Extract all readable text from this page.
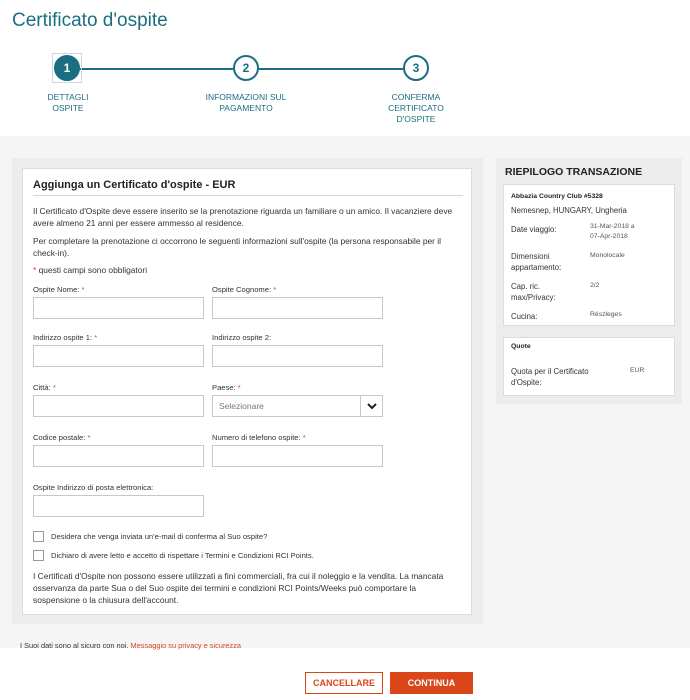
Certificato d'ospite
1	2	3
DETTAGLI
OSPITE
INFORMAZIONI SUL
PAGAMENTO
CONFERMA
CERTIFICATO
D'OSPITE
Aggiunga un Certificato d'ospite - EUR

Il Certificato d'Ospite deve essere inserito se la prenotazione riguarda un familiare o un amico. Il vacanziere deve avere almeno 21 anni per essere ammesso al residence.

Per completare la prenotazione ci occorrono le seguenti informazioni sull'ospite (la persona responsabile per il check-in).

* questi campi sono obbligatori
Ospite Nome: *	Ospite Cognome: *
Indirizzo ospite 1: *	Indirizzo ospite 2:
Città: *	Paese: *
Selezionare
Codice postale: *	Numero di telefono ospite: *
Ospite Indirizzo di posta elettronica:
Desidera che venga inviata un'e-mail di conferma al Suo ospite?
Dichiaro di avere letto e accetto di rispettare i Termini e Condizioni RCI Points.

I Certificati d'Ospite non possono essere utilizzati a fini commerciali, fra cui il noleggio e la vendita. La mancata osservanza da parte Sua o del Suo ospite dei termini e condizioni RCI Points/Weeks può comportare la sospensione o la chiusura dell'account.

I Suoi dati sono al sicuro con noi. Messaggio su privacy e sicurezza
CANCELLARE	CONTINUA
RIEPILOGO TRANSAZIONE
Abbazia Country Club #5328
Nemesnep, HUNGARY, Ungheria
Date viaggio:	31-Mar-2018 a
07-Apr-2018
Dimensioni
appartamento:
Monolocale
Cap. ric.
max/Privacy:
2/2
Cucina:	Részleges
Quote
Quota per il Certificato
d'Ospite:
EUR
